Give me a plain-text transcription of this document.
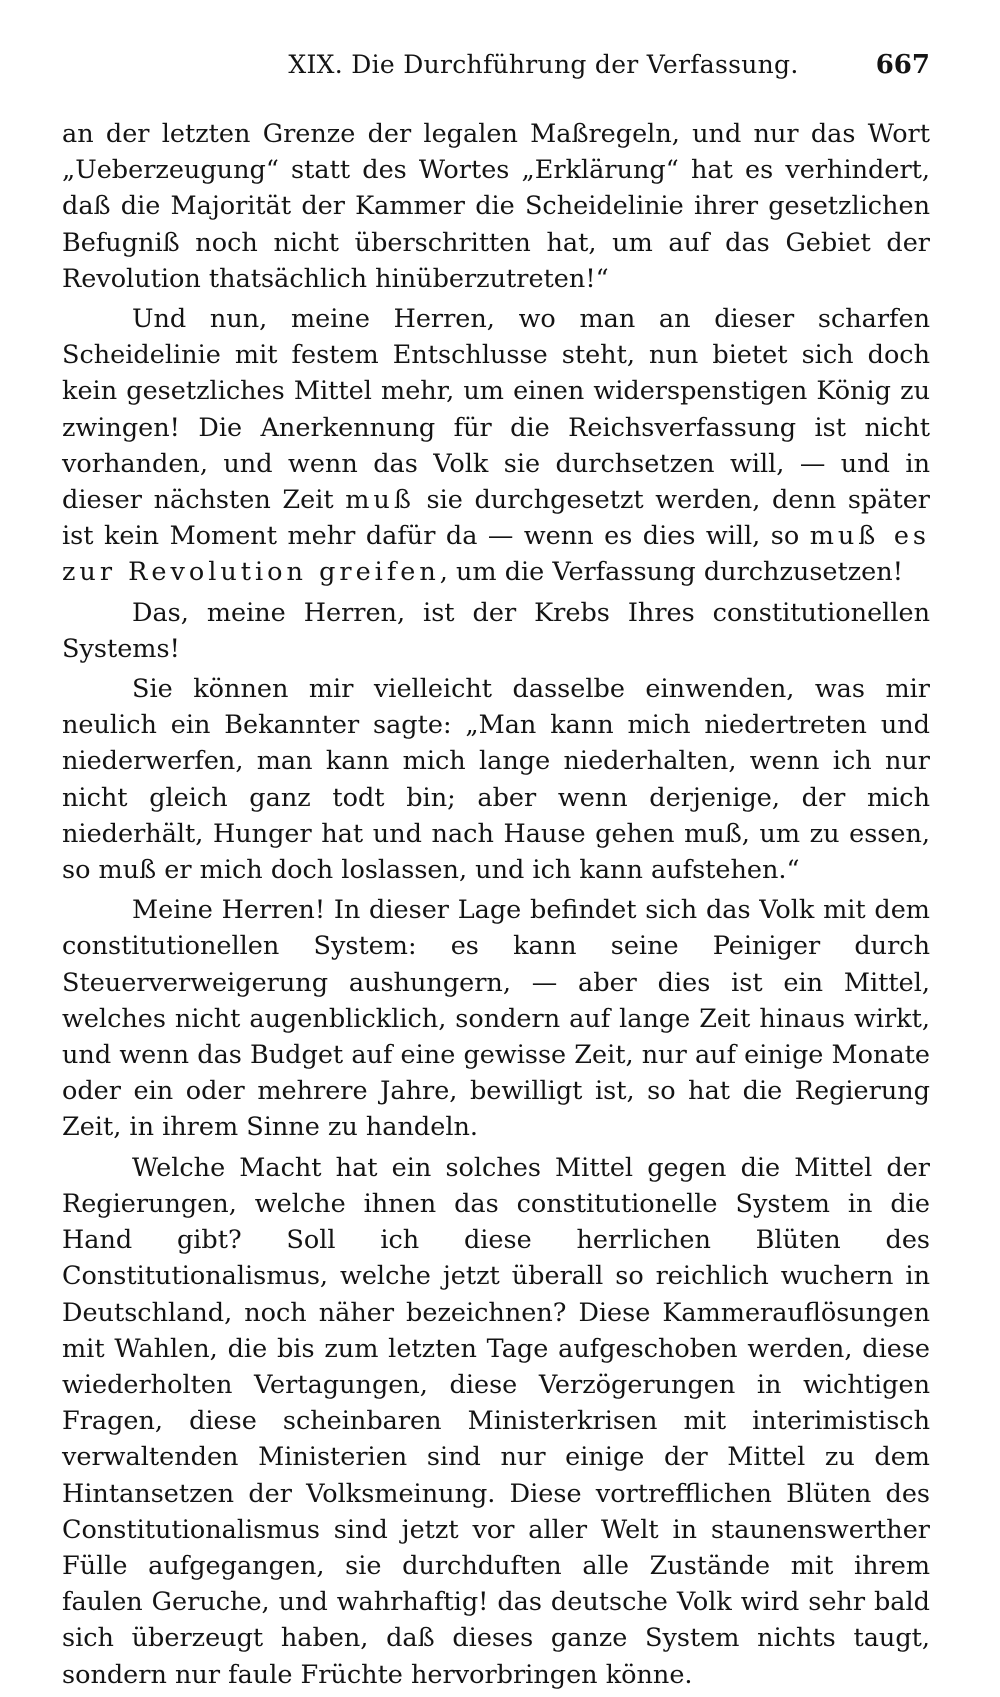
XIX. Die Durchführung der Verfassung.	667

an der letzten Grenze der legalen Maßregeln, und nur das Wort „Ueberzeugung“ statt des Wortes „Erklärung“ hat es verhindert, daß die Majorität der Kammer die Scheidelinie ihrer gesetzlichen Befugniß noch nicht überschritten hat, um auf das Gebiet der Revolution thatsächlich hinüberzutreten!“

Und nun, meine Herren, wo man an dieser scharfen Scheidelinie mit festem Entschlusse steht, nun bietet sich doch kein gesetzliches Mittel mehr, um einen widerspenstigen König zu zwingen! Die Anerkennung für die Reichsverfassung ist nicht vorhanden, und wenn das Volk sie durchsetzen will, — und in dieser nächsten Zeit muß sie durchgesetzt werden, denn später ist kein Moment mehr dafür da — wenn es dies will, so muß es zur Revolution greifen, um die Verfassung durchzusetzen!

Das, meine Herren, ist der Krebs Ihres constitutionellen Systems!

Sie können mir vielleicht dasselbe einwenden, was mir neulich ein Bekannter sagte: „Man kann mich niedertreten und niederwerfen, man kann mich lange niederhalten, wenn ich nur nicht gleich ganz todt bin; aber wenn derjenige, der mich niederhält, Hunger hat und nach Hause gehen muß, um zu essen, so muß er mich doch loslassen, und ich kann aufstehen.“

Meine Herren! In dieser Lage befindet sich das Volk mit dem constitutionellen System: es kann seine Peiniger durch Steuerverweigerung aushungern, — aber dies ist ein Mittel, welches nicht augenblicklich, sondern auf lange Zeit hinaus wirkt, und wenn das Budget auf eine gewisse Zeit, nur auf einige Monate oder ein oder mehrere Jahre, bewilligt ist, so hat die Regierung Zeit, in ihrem Sinne zu handeln.

Welche Macht hat ein solches Mittel gegen die Mittel der Regierungen, welche ihnen das constitutionelle System in die Hand gibt? Soll ich diese herrlichen Blüten des Constitutionalismus, welche jetzt überall so reichlich wuchern in Deutschland, noch näher bezeichnen? Diese Kammerauflösungen mit Wahlen, die bis zum letzten Tage aufgeschoben werden, diese wiederholten Vertagungen, diese Verzögerungen in wichtigen Fragen, diese scheinbaren Ministerkrisen mit interimistisch verwaltenden Ministerien sind nur einige der Mittel zu dem Hintansetzen der Volksmeinung. Diese vortrefflichen Blüten des Constitutionalismus sind jetzt vor aller Welt in staunenswerther Fülle aufgegangen, sie durchduften alle Zustände mit ihrem faulen Geruche, und wahrhaftig! das deutsche Volk wird sehr bald sich überzeugt haben, daß dieses ganze System nichts taugt, sondern nur faule Früchte hervorbringen könne.
